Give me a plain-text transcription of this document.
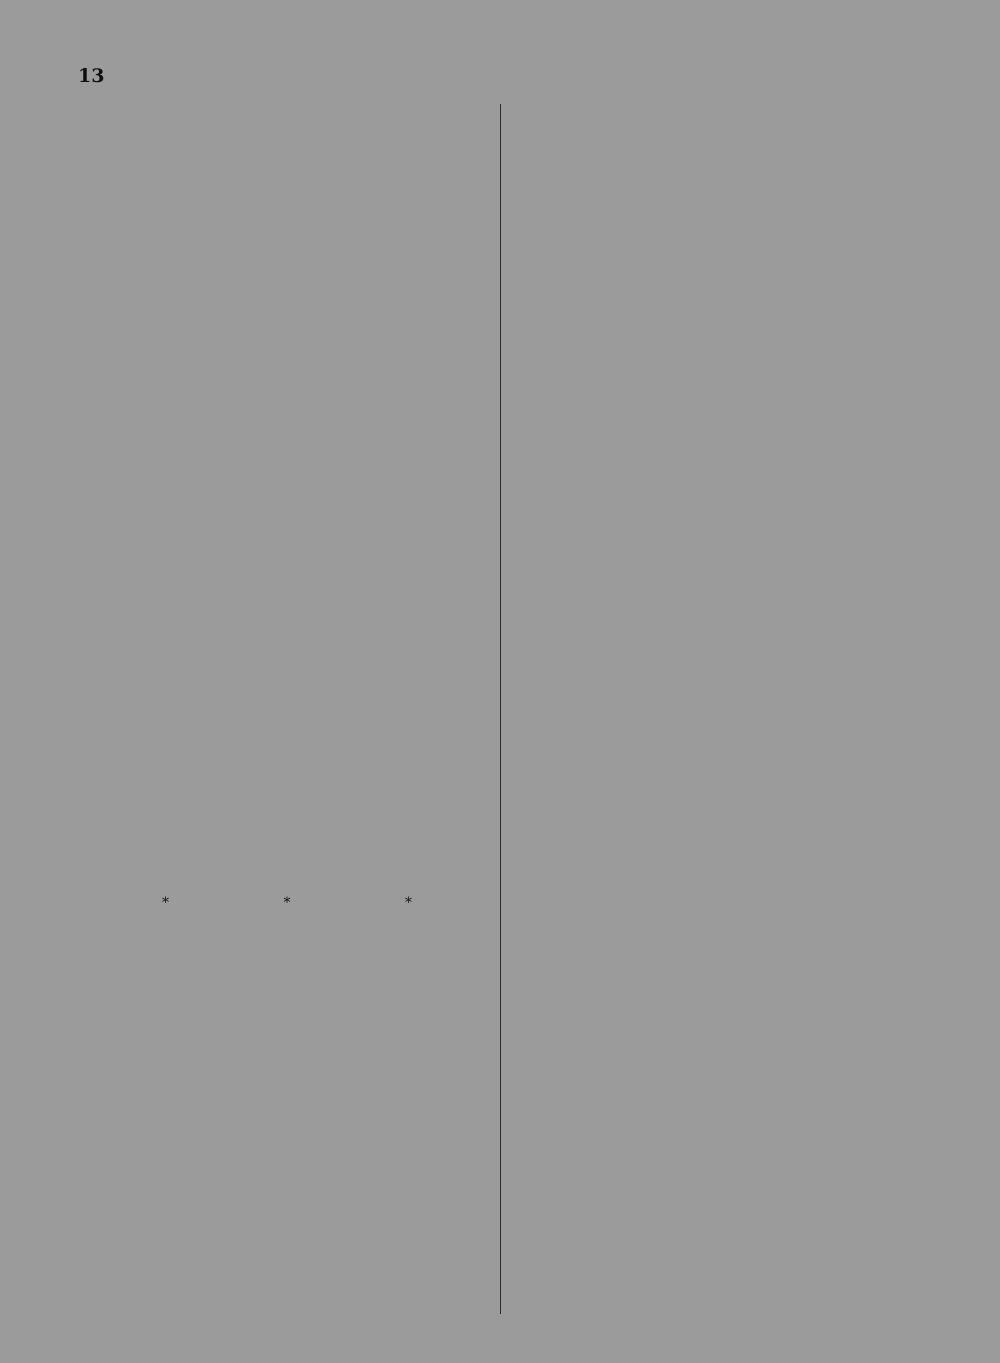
13

* * *
